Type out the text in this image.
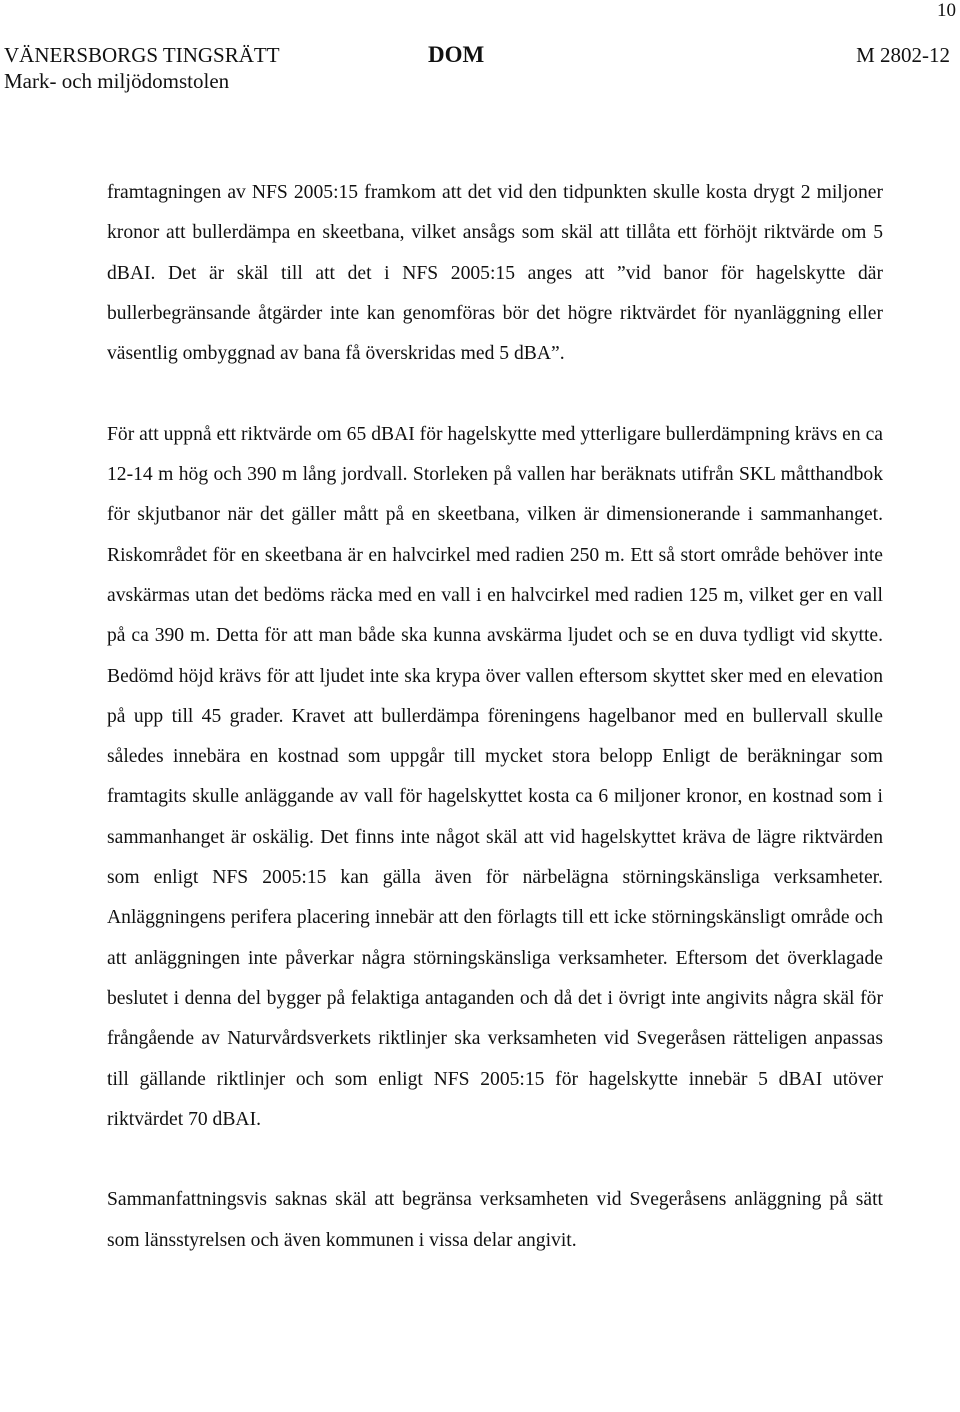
10
VÄNERSBORGS TINGSRÄTT
Mark- och miljödomstolen
DOM	M 2802-12

framtagningen av NFS 2005:15 framkom att det vid den tidpunkten skulle kosta drygt 2 miljoner kronor att bullerdämpa en skeetbana, vilket ansågs som skäl att tillåta ett förhöjt riktvärde om 5 dBAI. Det är skäl till att det i NFS 2005:15 anges att ”vid banor för hagelskytte där bullerbegränsande åtgärder inte kan genomföras bör det högre riktvärdet för nyanläggning eller väsentlig ombyggnad av bana få överskridas med 5 dBA”.

För att uppnå ett riktvärde om 65 dBAI för hagelskytte med ytterligare bullerdämpning krävs en ca 12-14 m hög och 390 m lång jordvall. Storleken på vallen har beräknats utifrån SKL måtthandbok för skjutbanor när det gäller mått på en skeetbana, vilken är dimensionerande i sammanhanget. Riskområdet för en skeetbana är en halvcirkel med radien 250 m. Ett så stort område behöver inte avskärmas utan det bedöms räcka med en vall i en halvcirkel med radien 125 m, vilket ger en vall på ca 390 m. Detta för att man både ska kunna avskärma ljudet och se en duva tydligt vid skytte. Bedömd höjd krävs för att ljudet inte ska krypa över vallen eftersom skyttet sker med en elevation på upp till 45 grader. Kravet att bullerdämpa föreningens hagelbanor med en bullervall skulle således innebära en kostnad som uppgår till mycket stora belopp Enligt de beräkningar som framtagits skulle anläggande av vall för hagelskyttet kosta ca 6 miljoner kronor, en kostnad som i sammanhanget är oskälig. Det finns inte något skäl att vid hagelskyttet kräva de lägre riktvärden som enligt NFS 2005:15 kan gälla även för närbelägna störningskänsliga verksamheter. Anläggningens perifera placering innebär att den förlagts till ett icke störningskänsligt område och att anläggningen inte påverkar några störningskänsliga verksamheter. Eftersom det överklagade beslutet i denna del bygger på felaktiga antaganden och då det i övrigt inte angivits några skäl för frångående av Naturvårdsverkets riktlinjer ska verksamheten vid Svegeråsen rätteligen anpassas till gällande riktlinjer och som enligt NFS 2005:15 för hagelskytte innebär 5 dBAI utöver riktvärdet 70 dBAI.

Sammanfattningsvis saknas skäl att begränsa verksamheten vid Svegeråsens anläggning på sätt som länsstyrelsen och även kommunen i vissa delar angivit.
